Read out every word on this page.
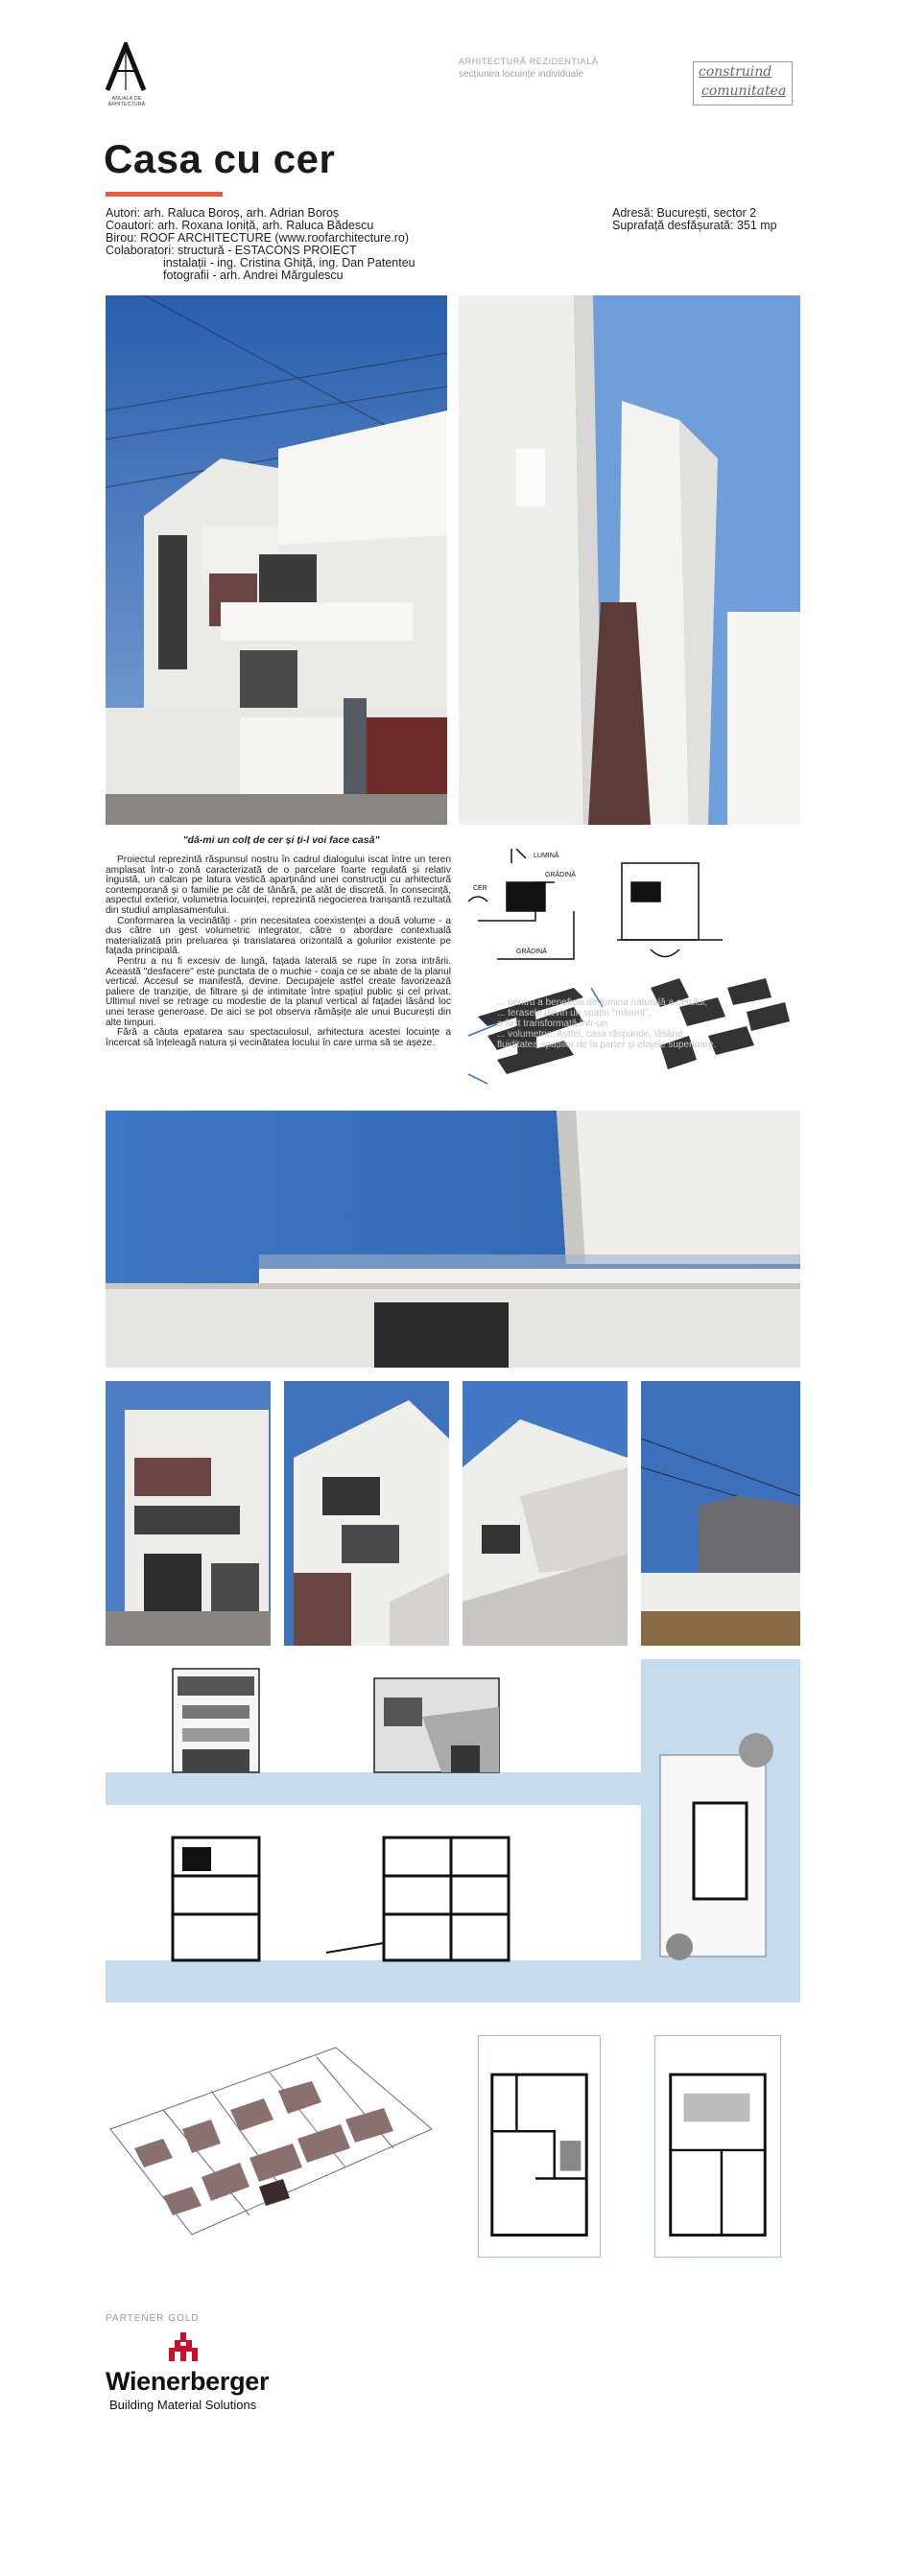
ANUALA DE ARHITECTURĂ
ARHITECTURĂ REZIDENȚIALĂ
secțiunea locuințe individuale	construind
comunitatea
Casa cu cer
Autori: arh. Raluca Boroș, arh. Adrian Boroș
Coautori: arh. Roxana Ioniță, arh. Raluca Bădescu
Birou: ROOF ARCHITECTURE (www.roofarchitecture.ro)
Colaboratori: structură - ESTACONS PROIECT
instalații - ing. Cristina Ghiță, ing. Dan Patenteu
fotografii - arh. Andrei Mărgulescu
Adresă: București, sector 2
Suprafață desfășurată: 351 mp
"dă-mi un colț de cer și ți-l voi face casă"

Proiectul reprezintă răspunsul nostru în cadrul dialogului iscat între un teren amplasat într-o zonă caracterizată de o parcelare foarte regulată și relativ îngustă, un calcan pe latura vestică aparținând unei construcții cu arhitectură contemporană și o familie pe cât de tânără, pe atât de discretă. În consecință, aspectul exterior, volumetria locuinței, reprezintă negocierea tranșantă rezultată din studiul amplasamentului.

Conformarea la vecinătăți - prin necesitatea coexistenței a două volume - a dus către un gest volumetric integrator, către o abordare contextuală materializată prin preluarea și translatarea orizontală a golurilor existente pe fațada principală.

Pentru a nu fi excesiv de lungă, fațada laterală se rupe în zona intrării. Această "desfacere" este punctata de o muchie - coaja ce se abate de la planul vertical. Accesul se manifestă, devine. Decupajele astfel create favorizează paliere de tranziție, de filtrare și de intimitate între spațiul public și cel privat. Ultimul nivel se retrage cu modestie de la planul vertical al fațadei lăsând loc unei terase generoase. De aici se pot observa rămășițe ale unui București din alte timpuri.

Fără a căuta epatarea sau spectaculosul, arhitectura acestei locuințe a încercat să înțeleagă natura și vecinătatea locului în care urma să se așeze.

LUMINĂ
CER
GRĂDINĂ
GRĂDINĂ
... pentru a beneficia de lumina naturală a cerului,
... terasele devin un spațiu "mărunt",
a fost transformată într-un
... volumetrie. Astfel, casa răspunde, lăsând
fluiditatea spațiilor de la parter și etajele superioare.
PARTENER GOLD
Wienerberger
Building Material Solutions
